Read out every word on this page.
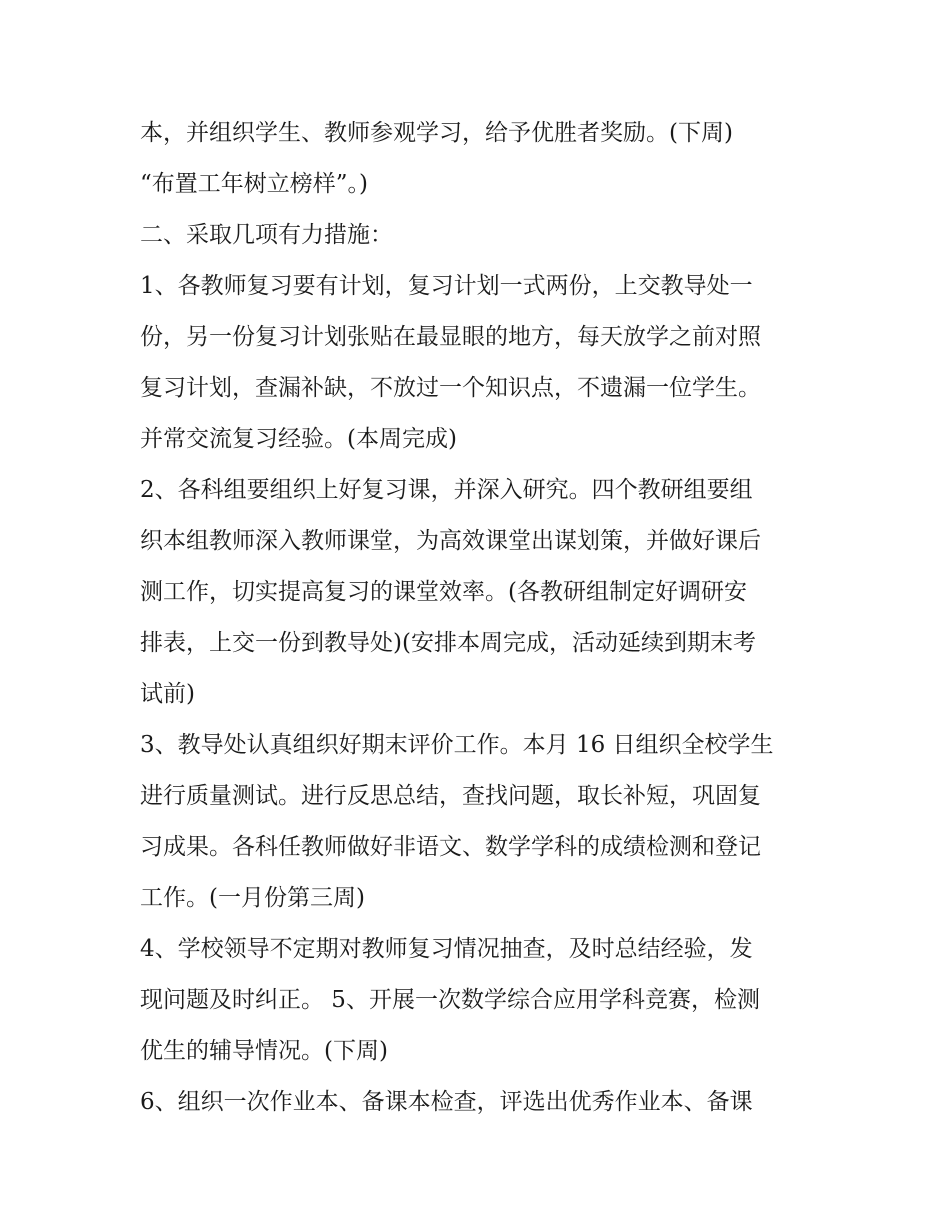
本，并组织学生、教师参观学习，给予优胜者奖励。(下周)
“布置工年树立榜样”。)
二、采取几项有力措施：
1、各教师复习要有计划，复习计划一式两份，上交教导处一
份，另一份复习计划张贴在最显眼的地方，每天放学之前对照
复习计划，查漏补缺，不放过一个知识点，不遗漏一位学生。
并常交流复习经验。(本周完成)
2、各科组要组织上好复习课，并深入研究。四个教研组要组
织本组教师深入教师课堂，为高效课堂出谋划策，并做好课后
测工作，切实提高复习的课堂效率。(各教研组制定好调研安
排表，上交一份到教导处)(安排本周完成，活动延续到期末考
试前)
3、教导处认真组织好期末评价工作。本月 16 日组织全校学生
进行质量测试。进行反思总结，查找问题，取长补短，巩固复
习成果。各科任教师做好非语文、数学学科的成绩检测和登记
工作。(一月份第三周)
4、学校领导不定期对教师复习情况抽查，及时总结经验，发
现问题及时纠正。 5、开展一次数学综合应用学科竞赛，检测
优生的辅导情况。(下周)
6、组织一次作业本、备课本检查，评选出优秀作业本、备课
